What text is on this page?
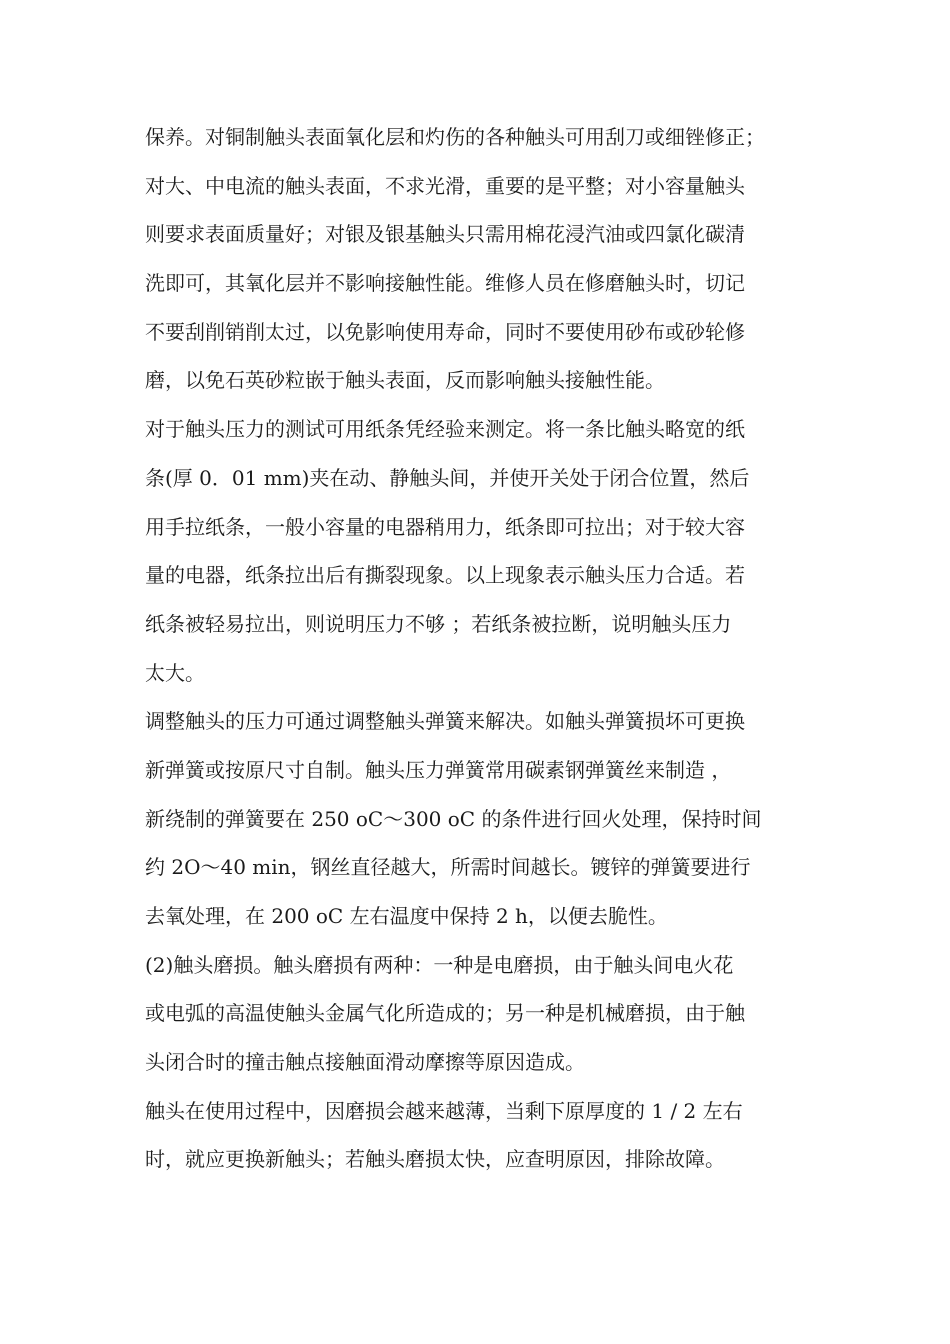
保养。对铜制触头表面氧化层和灼伤的各种触头可用刮刀或细锉修正；
对大、中电流的触头表面，不求光滑，重要的是平整；对小容量触头
则要求表面质量好；对银及银基触头只需用棉花浸汽油或四氯化碳清
洗即可，其氧化层并不影响接触性能。维修人员在修磨触头时，切记
不要刮削销削太过，以免影响使用寿命，同时不要使用砂布或砂轮修
磨，以免石英砂粒嵌于触头表面，反而影响触头接触性能。
对于触头压力的测试可用纸条凭经验来测定。将一条比触头略宽的纸
条(厚 0．01 mm)夹在动、静触头间，并使开关处于闭合位置，然后
用手拉纸条，一般小容量的电器稍用力，纸条即可拉出；对于较大容
量的电器，纸条拉出后有撕裂现象。以上现象表示触头压力合适。若
纸条被轻易拉出，则说明压力不够 ；若纸条被拉断，说明触头压力
太大。
调整触头的压力可通过调整触头弹簧来解决。如触头弹簧损坏可更换
新弹簧或按原尺寸自制。触头压力弹簧常用碳素钢弹簧丝来制造 ，
新绕制的弹簧要在 250 oC～300 oC 的条件进行回火处理，保持时间
约 2O～40 min，钢丝直径越大，所需时间越长。镀锌的弹簧要进行
去氧处理，在 200 oC 左右温度中保持 2 h，以便去脆性。
(2)触头磨损。触头磨损有两种：一种是电磨损，由于触头间电火花
或电弧的高温使触头金属气化所造成的；另一种是机械磨损，由于触
头闭合时的撞击触点接触面滑动摩擦等原因造成。
触头在使用过程中，因磨损会越来越薄，当剩下原厚度的 1 / 2 左右
时，就应更换新触头；若触头磨损太快，应查明原因，排除故障。
